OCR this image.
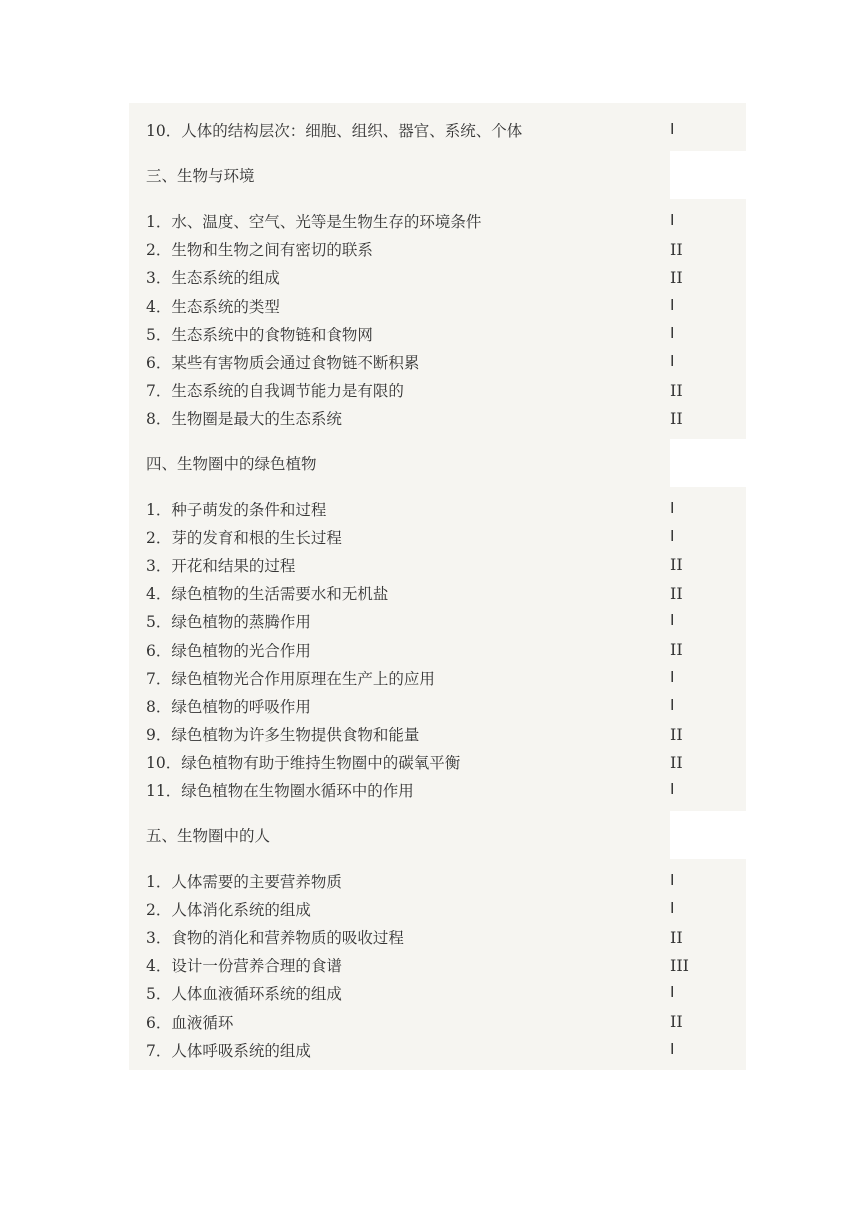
10．人体的结构层次：细胞、组织、器官、系统、个体	I
三、生物与环境
1．水、温度、空气、光等是生物生存的环境条件	I
2．生物和生物之间有密切的联系	II
3．生态系统的组成	II
4．生态系统的类型	I
5．生态系统中的食物链和食物网	I
6．某些有害物质会通过食物链不断积累	I
7．生态系统的自我调节能力是有限的	II
8．生物圈是最大的生态系统	II
四、生物圈中的绿色植物
1．种子萌发的条件和过程	I
2．芽的发育和根的生长过程	I
3．开花和结果的过程	II
4．绿色植物的生活需要水和无机盐	II
5．绿色植物的蒸腾作用	I
6．绿色植物的光合作用	II
7．绿色植物光合作用原理在生产上的应用	I
8．绿色植物的呼吸作用	I
9．绿色植物为许多生物提供食物和能量	II
10．绿色植物有助于维持生物圈中的碳氧平衡	II
11．绿色植物在生物圈水循环中的作用	I
五、生物圈中的人
1．人体需要的主要营养物质	I
2．人体消化系统的组成	I
3．食物的消化和营养物质的吸收过程	II
4．设计一份营养合理的食谱	III
5．人体血液循环系统的组成	I
6．血液循环	II
7．人体呼吸系统的组成	I
